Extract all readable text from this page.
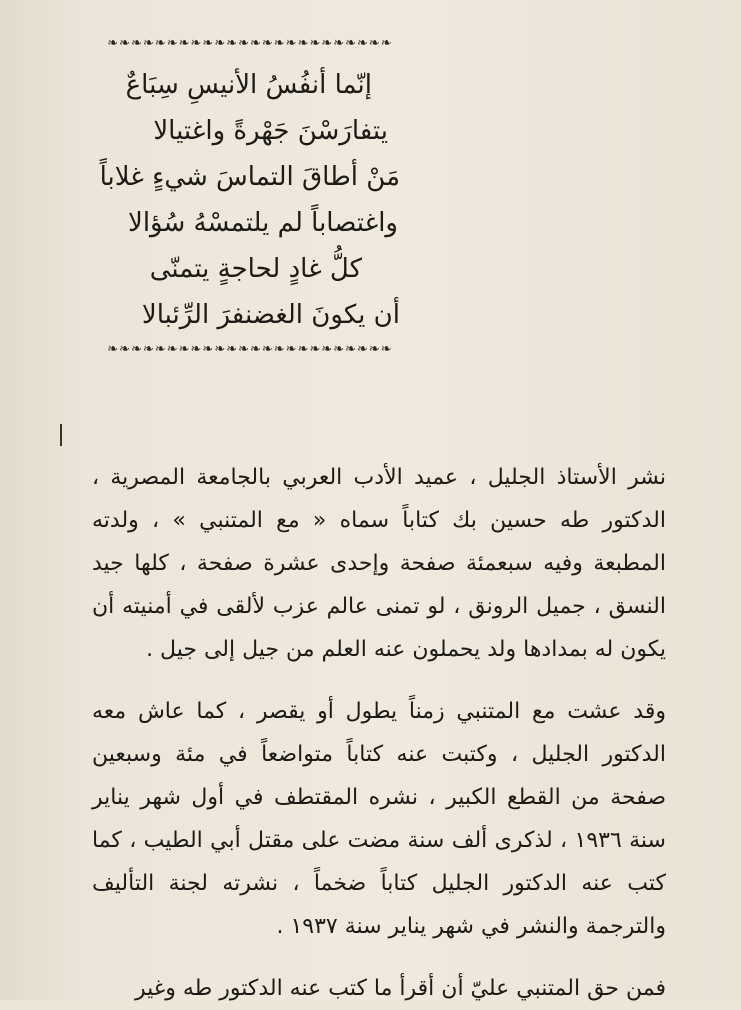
❧❧❧❧❧❧❧❧❧❧❧❧❧❧❧❧❧❧❧❧❧❧❧❧
إنّما أنفُسُ الأنيسِ سِبَاعٌ
يتفارَسْنَ جَهْرةً واغتيالا
مَنْ أطاقَ التماسَ شيءٍ غلاباً
واغتصاباً لم يلتمسْهُ سُؤالا
كلُّ غادٍ لحاجةٍ يتمنّى
أن يكونَ الغضنفرَ الرِّئبالا
❧❧❧❧❧❧❧❧❧❧❧❧❧❧❧❧❧❧❧❧❧❧❧❧

نشر الأستاذ الجليل ، عميد الأدب العربي بالجامعة المصرية ، الدكتور طه حسين بك كتاباً سماه « مع المتنبي » ، ولدته المطبعة وفيه سبعمئة صفحة وإحدى عشرة صفحة ، كلها جيد النسق ، جميل الرونق ، لو تمنى عالم عزب لألقى في أمنيته أن يكون له بمدادها ولد يحملون عنه العلم من جيل إلى جيل .

وقد عشت مع المتنبي زمناً يطول أو يقصر ، كما عاش معه الدكتور الجليل ، وكتبت عنه كتاباً متواضعاً في مئة وسبعين صفحة من القطع الكبير ، نشره المقتطف في أول شهر يناير سنة ١٩٣٦ ، لذكرى ألف سنة مضت على مقتل أبي الطيب ، كما كتب عنه الدكتور الجليل كتاباً ضخماً ، نشرته لجنة التأليف والترجمة والنشر في شهر يناير سنة ١٩٣٧ .

فمن حق المتنبي عليّ أن أقرأ ما كتب عنه الدكتور طه وغير
